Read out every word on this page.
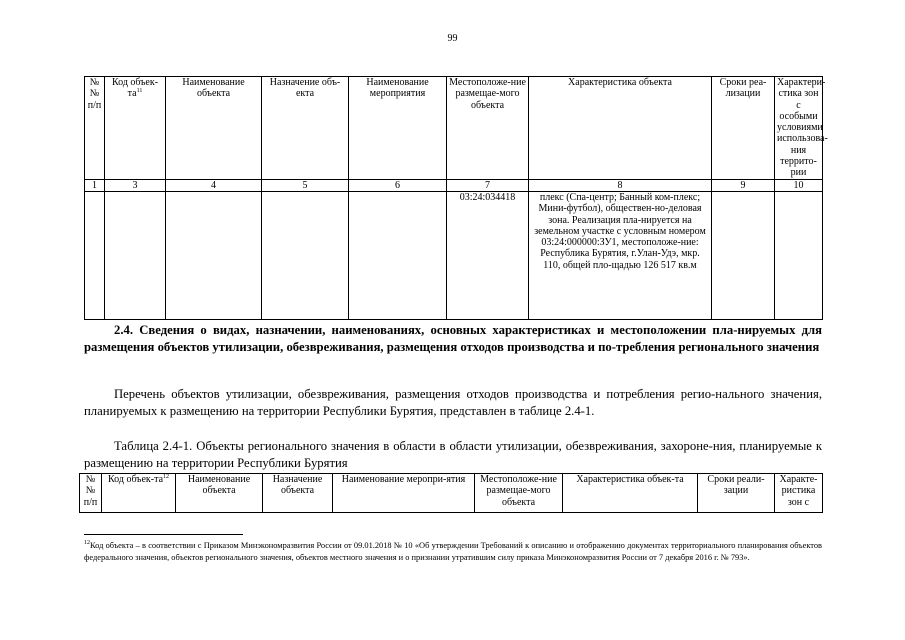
99
№ № п/п	Код объек-$та^{11}$	Наименование объекта	Назначение объ-екта	Наименование мероприятия	Местоположе-ние размещае-мого объекта	Характеристика объекта	Сроки реа-лизации	Характери-стика зон с особыми условиями использова-ния террито-рии
1	3	4	5	6	7	8	9	10
					03:24:034418	плекс (Спа-центр; Банный ком-плекс; Мини-футбол), обществен-но-деловая зона. Реализация пла-нируется на земельном участке с условным номером 03:24:000000:ЗУ1, местоположе-ние: Республика Бурятия, г.Улан-Удэ, мкр. 110, общей пло-щадью 126 517 кв.м		
2.4. Сведения о видах, назначении, наименованиях, основных характеристиках и местоположении пла-нируемых для размещения объектов утилизации, обезвреживания, размещения отходов производства и по-требления регионального значения
Перечень объектов утилизации, обезвреживания, размещения отходов производства и потребления регио-нального значения, планируемых к размещению на территории Республики Бурятия, представлен в таблице 2.4-1.
Таблица 2.4-1. Объекты регионального значения в области в области утилизации, обезвреживания, захороне-ния, планируемые к размещению на территории Республики Бурятия
№ № п/п	Код объек-$та^{12}$	Наименование объекта	Назначение объекта	Наименование меропри-ятия	Местоположе-ние размещае-мого объекта	Характеристика объек-та	Сроки реали-зации	Характе-ристика зон с
$^{12}$Код объекта – в соответствии с Приказом Минэкономразвития России от 09.01.2018 № 10 «Об утверждении Требований к описанию и отображению документах территориального планирования объектов федерального значения, объектов регионального значения, объектов местного значения и о признании утратившим силу приказа Минэкономразвития России от 7 декабря 2016 г. № 793».
